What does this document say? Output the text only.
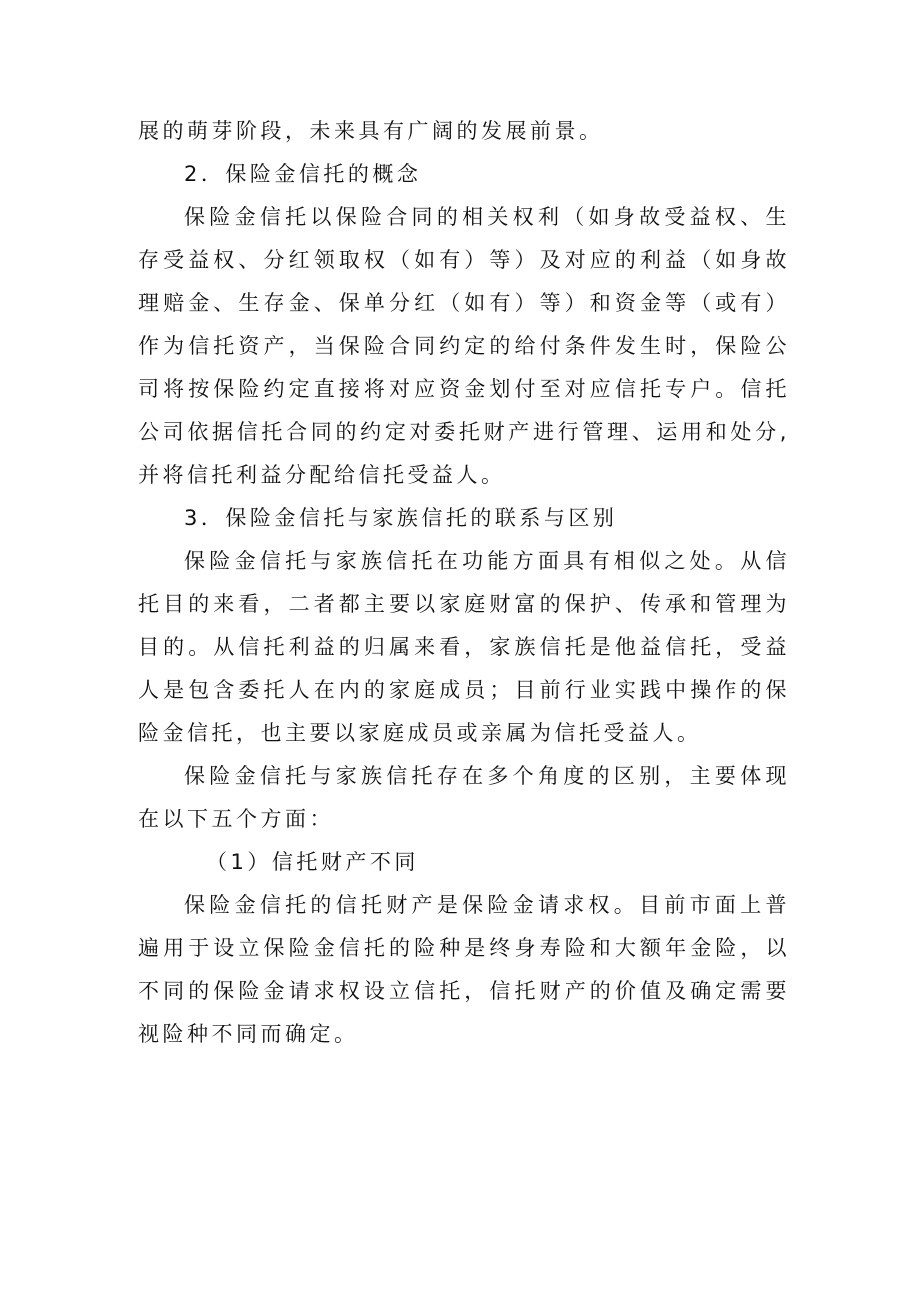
展的萌芽阶段，未来具有广阔的发展前景。

2．保险金信托的概念

保险金信托以保险合同的相关权利（如身故受益权、生存受益权、分红领取权（如有）等）及对应的利益（如身故理赔金、生存金、保单分红（如有）等）和资金等（或有）作为信托资产，当保险合同约定的给付条件发生时，保险公司将按保险约定直接将对应资金划付至对应信托专户。信托公司依据信托合同的约定对委托财产进行管理、运用和处分,并将信托利益分配给信托受益人。

3．保险金信托与家族信托的联系与区别

保险金信托与家族信托在功能方面具有相似之处。从信托目的来看，二者都主要以家庭财富的保护、传承和管理为目的。从信托利益的归属来看，家族信托是他益信托，受益人是包含委托人在内的家庭成员；目前行业实践中操作的保险金信托，也主要以家庭成员或亲属为信托受益人。

保险金信托与家族信托存在多个角度的区别，主要体现在以下五个方面：

（1）信托财产不同

保险金信托的信托财产是保险金请求权。目前市面上普遍用于设立保险金信托的险种是终身寿险和大额年金险，以不同的保险金请求权设立信托，信托财产的价值及确定需要视险种不同而确定。
